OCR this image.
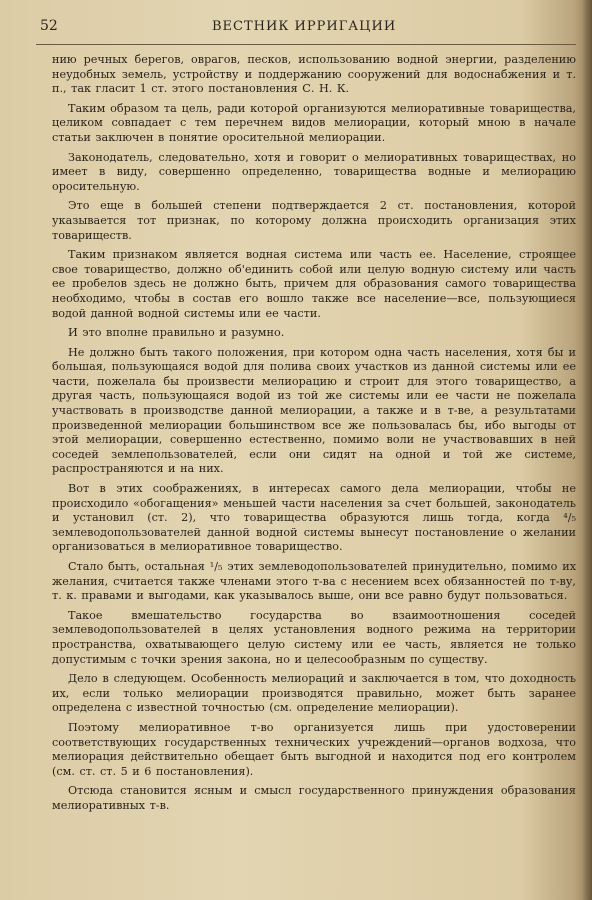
52	ВЕСТНИК ИРРИГАЦИИ

нию речных берегов, оврагов, песков, использованию водной энергии, разделению неудобных земель, устройству и поддержанию сооружений для водоснабжения и т. п., так гласит 1 ст. этого постановления С. Н. К.

Таким образом та цель, ради которой организуются мелиоративные товарищества, целиком совпадает с тем перечнем видов мелиорации, который мною в начале статьи заключен в понятие оросительной мелиорации.

Законодатель, следовательно, хотя и говорит о мелиоративных товариществах, но имеет в виду, совершенно определенно, товарищества водные и мелиорацию оросительную.

Это еще в большей степени подтверждается 2 ст. постановления, которой указывается тот признак, по которому должна происходить организация этих товариществ.

Таким признаком является водная система или часть ее. Население, строящее свое товарищество, должно об'единить собой или целую водную систему или часть ее пробелов здесь не должно быть, причем для образования самого товарищества необходимо, чтобы в состав его вошло также все население—все, пользующиеся водой данной водной системы или ее части.

И это вполне правильно и разумно.

Не должно быть такого положения, при котором одна часть населения, хотя бы и большая, пользующаяся водой для полива своих участков из данной системы или ее части, пожелала бы произвести мелиорацию и строит для этого товарищество, а другая часть, пользующаяся водой из той же системы или ее части не пожелала участвовать в производстве данной мелиорации, а также и в т-ве, а результатами произведенной мелиорации большинством все же пользовалась бы, ибо выгоды от этой мелиорации, совершенно естественно, помимо воли не участвовавших в ней соседей землепользователей, если они сидят на одной и той же системе, распространяются и на них.

Вот в этих соображениях, в интересах самого дела мелиорации, чтобы не происходило «обогащения» меньшей части населения за счет большей, законодатель и установил (ст. 2), что товарищества образуются лишь тогда, когда ⁴/₅ землеводопользователей данной водной системы вынесут постановление о желании организоваться в мелиоративное товарищество.

Стало быть, остальная ¹/₅ этих землеводопользователей принудительно, помимо их желания, считается также членами этого т-ва с несением всех обязанностей по т-ву, т. к. правами и выгодами, как указывалось выше, они все равно будут пользоваться.

Такое вмешательство государства во взаимоотношения соседей землеводопользователей в целях установления водного режима на территории пространства, охватывающего целую систему или ее часть, является не только допустимым с точки зрения закона, но и целесообразным по существу.

Дело в следующем. Особенность мелиораций и заключается в том, что доходность их, если только мелиорации производятся правильно, может быть заранее определена с известной точностью (см. определение мелиорации).

Поэтому мелиоративное т-во организуется лишь при удостоверении соответствующих государственных технических учреждений—органов водхоза, что мелиорация действительно обещает быть выгодной и находится под его контролем (см. ст. ст. 5 и 6 постановления).

Отсюда становится ясным и смысл государственного принуждения образования мелиоративных т-в.
